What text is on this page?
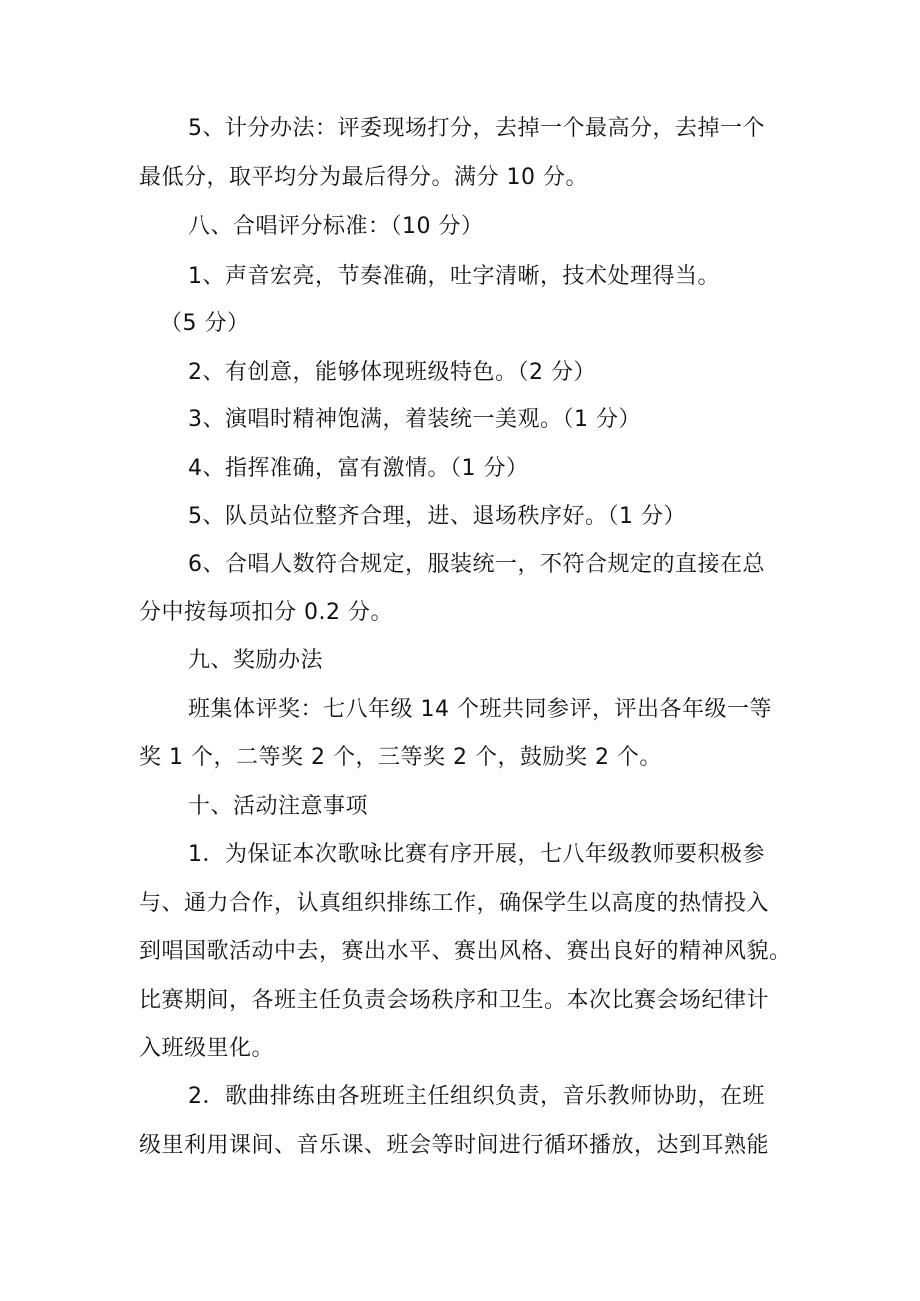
5、计分办法：评委现场打分，去掉一个最高分，去掉一个
最低分，取平均分为最后得分。满分 10 分。
八、合唱评分标准：（10 分）
1、声音宏亮，节奏准确，吐字清晰，技术处理得当。
（5 分）
2、有创意，能够体现班级特色。（2 分）
3、演唱时精神饱满，着装统一美观。（1 分）
4、指挥准确，富有激情。（1 分）
5、队员站位整齐合理，进、退场秩序好。（1 分）
6、合唱人数符合规定，服装统一，不符合规定的直接在总
分中按每项扣分 0.2 分。
九、奖励办法
班集体评奖：七八年级 14 个班共同参评，评出各年级一等
奖 1 个，二等奖 2 个，三等奖 2 个，鼓励奖 2 个。
十、活动注意事项
1．为保证本次歌咏比赛有序开展，七八年级教师要积极参
与、通力合作，认真组织排练工作，确保学生以高度的热情投入
到唱国歌活动中去，赛出水平、赛出风格、赛出良好的精神风貌。
比赛期间，各班主任负责会场秩序和卫生。本次比赛会场纪律计
入班级里化。
2．歌曲排练由各班班主任组织负责，音乐教师协助，在班
级里利用课间、音乐课、班会等时间进行循环播放，达到耳熟能
